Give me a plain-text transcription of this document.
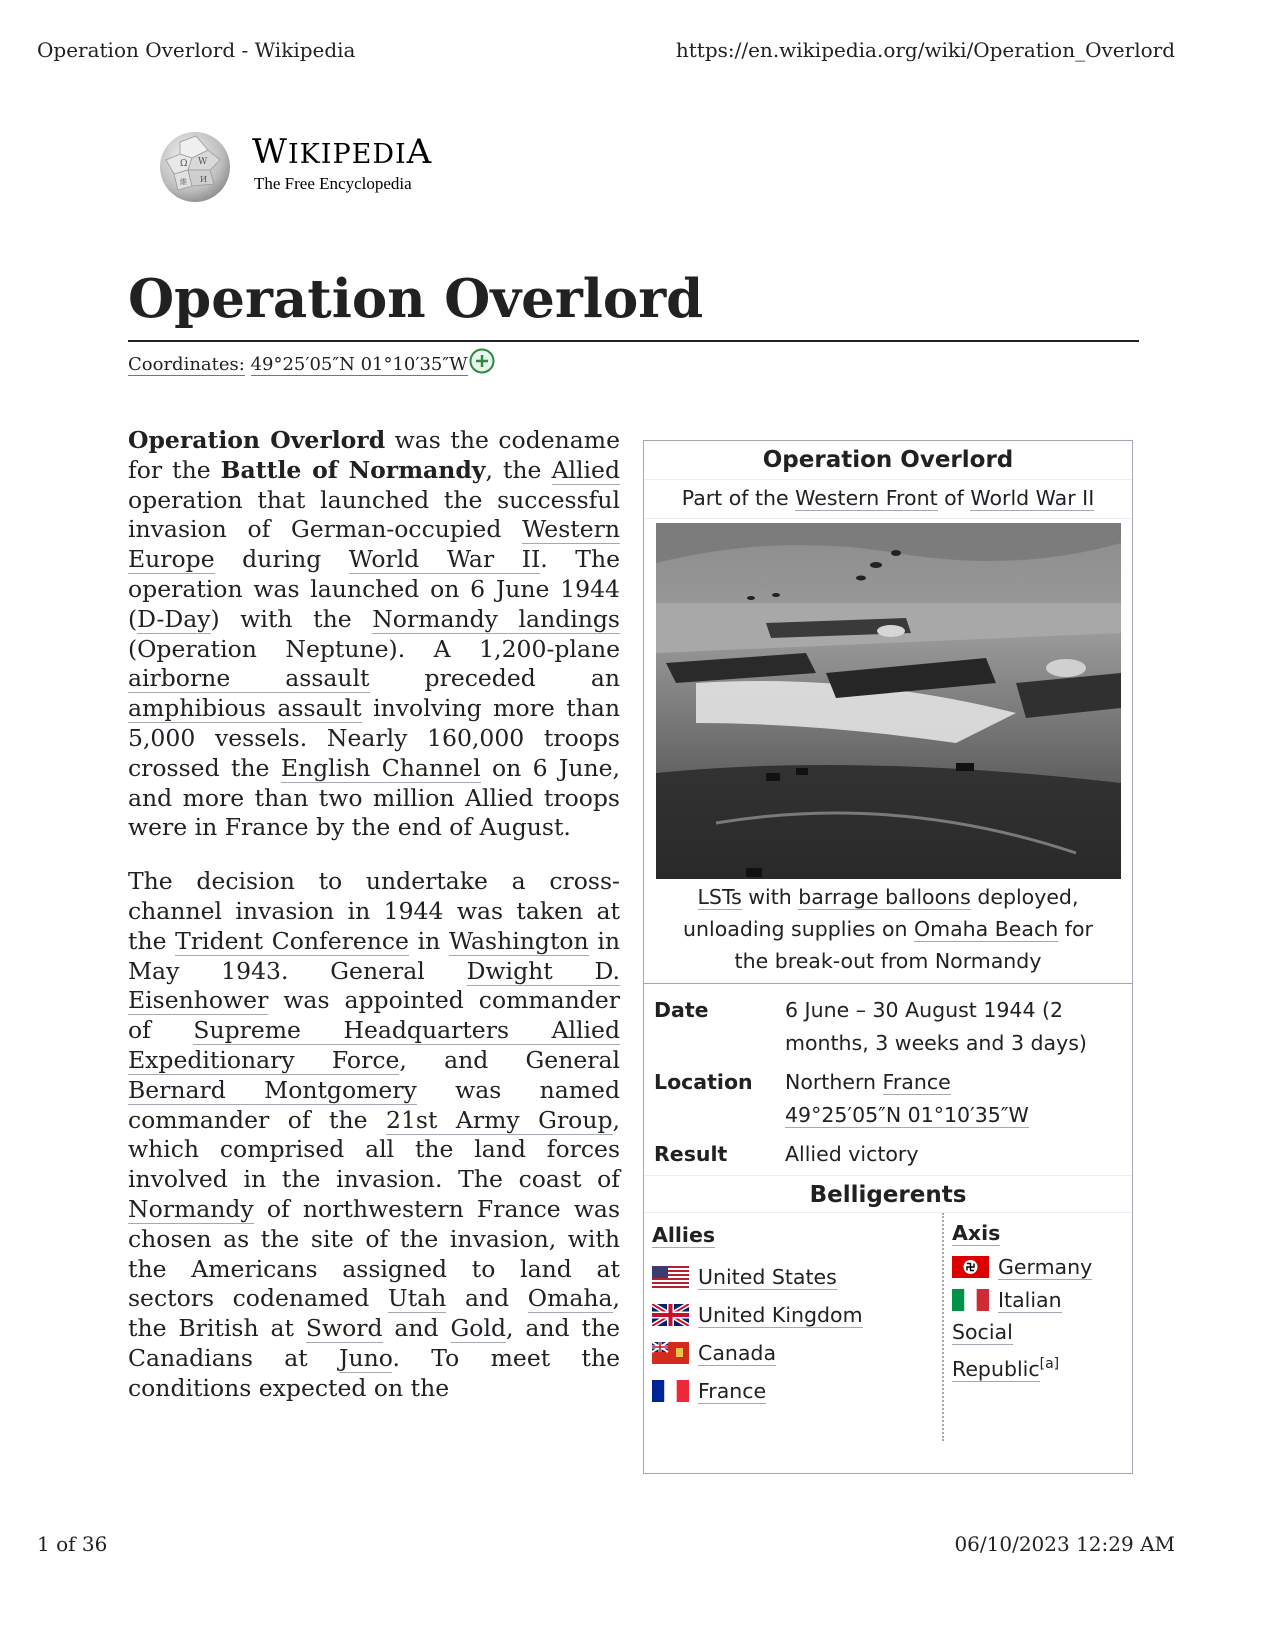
Operation Overlord - Wikipedia	https://en.wikipedia.org/wiki/Operation_Overlord
1 of 36	06/10/2023 12:29 AM
Ω W
И
維
WIKIPEDIA
The Free Encyclopedia
Operation Overlord
Coordinates: 49°25′05″N 01°10′35″W

Operation Overlord was the codename for the Battle of Normandy, the Allied operation that launched the successful invasion of German-occupied Western Europe during World War II. The operation was launched on 6 June 1944 (D-Day) with the Normandy landings (Operation Neptune). A 1,200-plane airborne assault preceded an amphibious assault involving more than 5,000 vessels. Nearly 160,000 troops crossed the English Channel on 6 June, and more than two million Allied troops were in France by the end of August.

The decision to undertake a cross-channel invasion in 1944 was taken at the Trident Conference in Washington in May 1943. General Dwight D. Eisenhower was appointed commander of Supreme Headquarters Allied Expeditionary Force, and General Bernard Montgomery was named commander of the 21st Army Group, which comprised all the land forces involved in the invasion. The coast of Normandy of northwestern France was chosen as the site of the invasion, with the Americans assigned to land at sectors codenamed Utah and Omaha, the British at Sword and Gold, and the Canadians at Juno. To meet the conditions expected on the

Operation Overlord
Part of the Western Front of World War II
LSTs with barrage balloons deployed, unloading supplies on Omaha Beach for the break-out from Normandy
Date	6 June – 30 August 1944 (2 months, 3 weeks and 3 days)
Location	Northern France
49°25′05″N 01°10′35″W
Result	Allied victory
Belligerents
Allies
United States
United Kingdom
Canada
France
Axis
Germany
Italian Social Republic[a]
